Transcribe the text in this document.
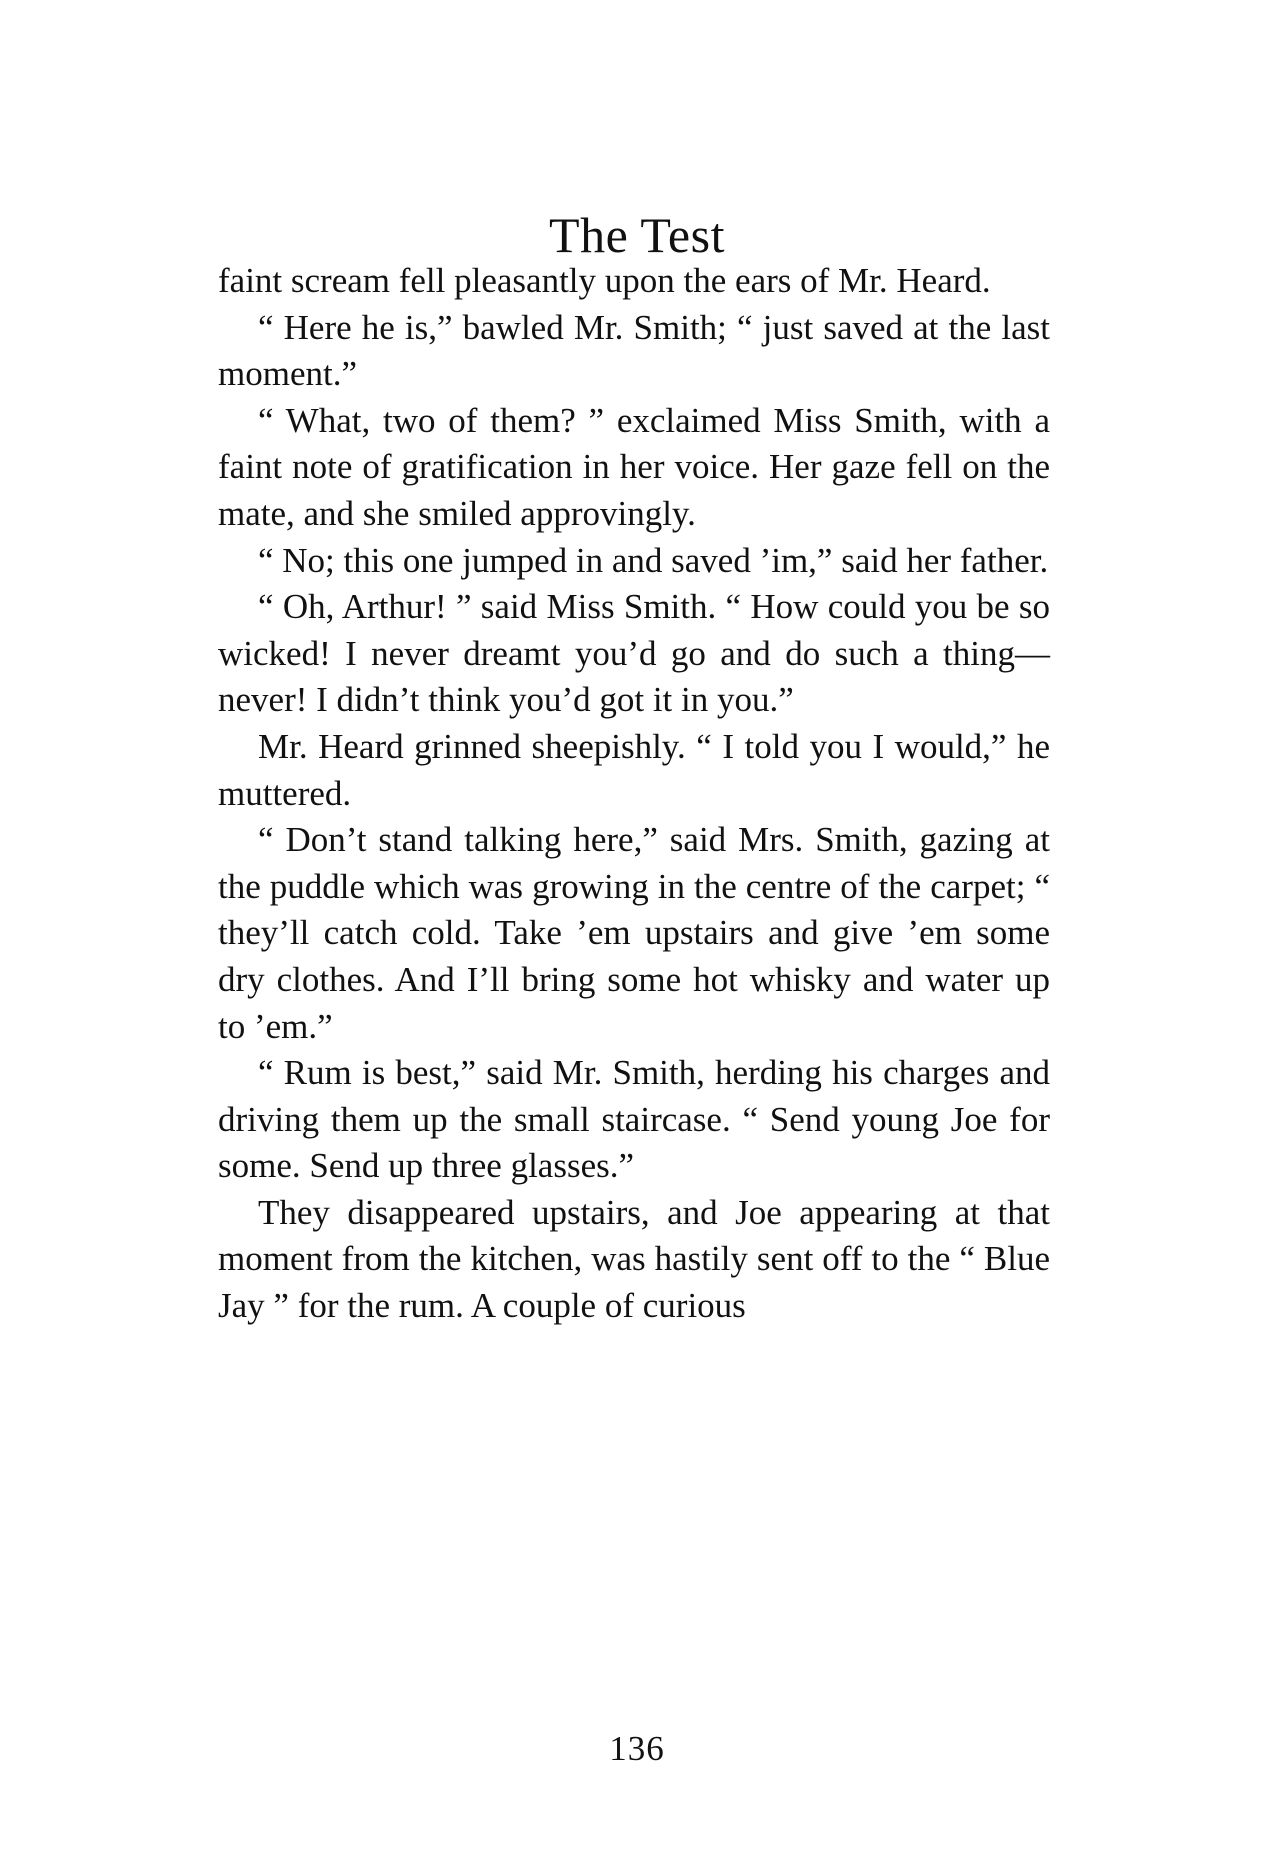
The Test

faint scream fell pleasantly upon the ears of Mr. Heard.

“ Here he is,” bawled Mr. Smith; “ just saved at the last moment.”

“ What, two of them? ” exclaimed Miss Smith, with a faint note of gratification in her voice. Her gaze fell on the mate, and she smiled approvingly.

“ No; this one jumped in and saved ’im,” said her father.

“ Oh, Arthur! ” said Miss Smith. “ How could you be so wicked! I never dreamt you’d go and do such a thing—never! I didn’t think you’d got it in you.”

Mr. Heard grinned sheepishly. “ I told you I would,” he muttered.

“ Don’t stand talking here,” said Mrs. Smith, gazing at the puddle which was growing in the centre of the carpet; “ they’ll catch cold. Take ’em upstairs and give ’em some dry clothes. And I’ll bring some hot whisky and water up to ’em.”

“ Rum is best,” said Mr. Smith, herding his charges and driving them up the small staircase. “ Send young Joe for some. Send up three glasses.”

They disappeared upstairs, and Joe appearing at that moment from the kitchen, was hastily sent off to the “ Blue Jay ” for the rum. A couple of curious

136
